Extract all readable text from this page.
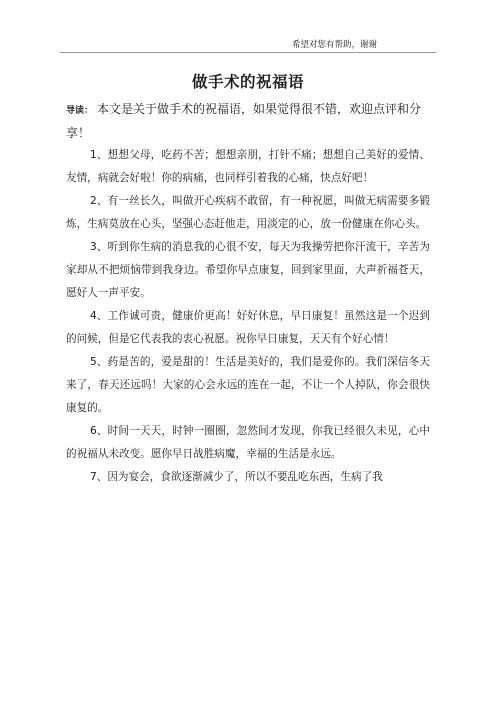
希望对您有帮助，谢谢
做手术的祝福语

导读： 本文是关于做手术的祝福语，如果觉得很不错，欢迎点评和分享！

1、想想父母，吃药不苦；想想亲朋，打针不痛；想想自己美好的爱情、友情，病就会好啦！你的病痛，也同样引着我的心痛，快点好吧！

2、有一丝长久，叫做开心疾病不敢留，有一种祝愿，叫做无病需要多锻炼，生病莫放在心头，坚强心态赶他走，用淡定的心，放一份健康在你心头。

3、听到你生病的消息我的心很不安，每天为我操劳把你汗流干，辛苦为家却从不把烦恼带到我身边。希望你早点康复，回到家里面，大声祈福苍天，愿好人一声平安。

4、工作诚可贵，健康价更高！好好休息，早日康复！虽然这是一个迟到的问候，但是它代表我的衷心祝愿。祝你早日康复，天天有个好心情！

5、药是苦的，爱是甜的！生活是美好的，我们是爱你的。我们深信冬天来了，春天还远吗！大家的心会永远的连在一起，不让一个人掉队，你会很快康复的。

6、时间一天天，时钟一圈圈，忽然间才发现，你我已经很久未见，心中的祝福从未改变。愿你早日战胜病魔，幸福的生活是永远。

7、因为宴会，食欲逐渐减少了，所以不要乱吃东西，生病了我
